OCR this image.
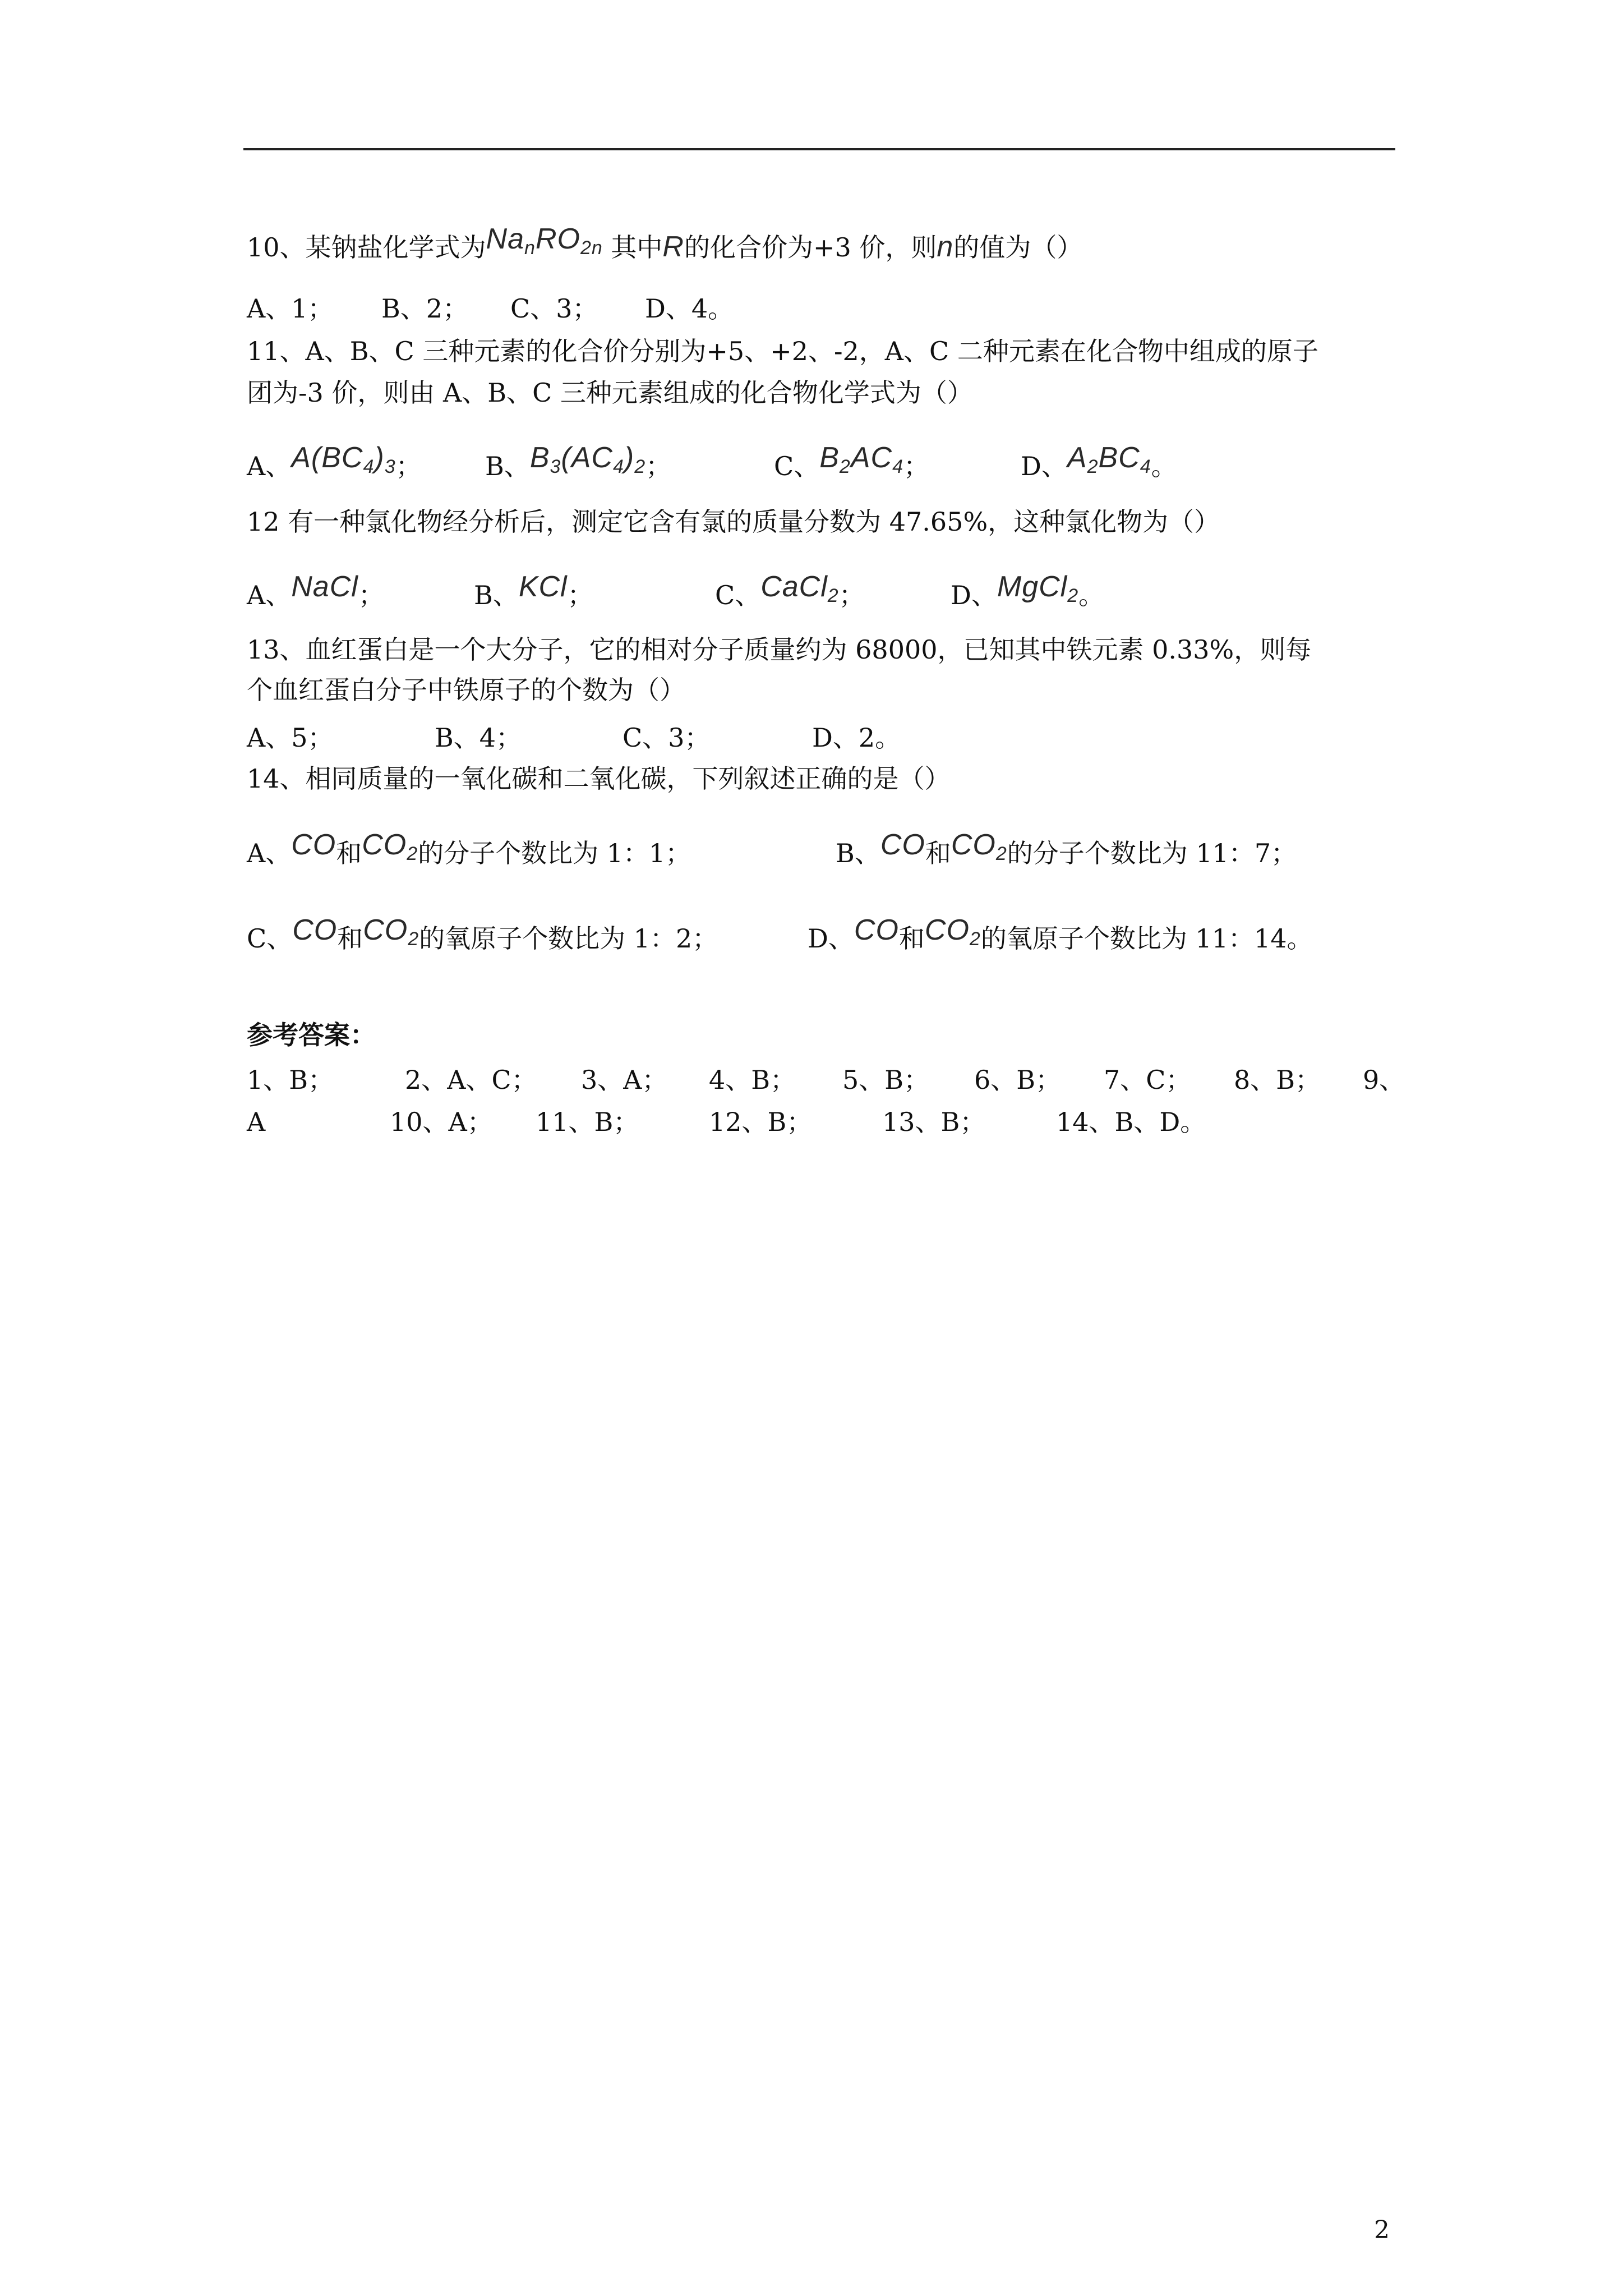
10、某钠盐化学式为$Na_nRO_{2n}$ 其中R的化合价为+3 价，则n的值为（）
A、1； B、2； C、3； D、4。
11、A、B、C 三种元素的化合价分别为+5、+2、-2，A、C 二种元素在化合物中组成的原子
团为-3 价，则由 A、B、C 三种元素组成的化合物化学式为（）
A、$A(BC_4)_3$； B、$B_3(AC_4)_2$；	C、$B_2AC_4$；	D、$A_2BC_4$。
12 有一种氯化物经分析后，测定它含有氯的质量分数为 47.65%，这种氯化物为（）
A、NaCl；	B、KCl；	C、CaCl$_2$；	D、MgCl$_2$。
13、血红蛋白是一个大分子，它的相对分子质量约为 68000，已知其中铁元素 0.33%，则每
个血红蛋白分子中铁原子的个数为（）
A、5；	B、4；	C、3；	D、2。
14、相同质量的一氧化碳和二氧化碳，下列叙述正确的是（）
A、CO和$CO_2$的分子个数比为 1：1；	B、CO和$CO_2$的分子个数比为 11：7；
C、CO和$CO_2$的氧原子个数比为 1：2；	D、CO和$CO_2$的氧原子个数比为 11：14。
参考答案：
1、B；	2、A、C； 3、A； 4、B； 5、B； 6、B； 7、C； 8、B； 9、
A	10、A； 11、B；	12、B；	13、B；	14、B、D。
2
